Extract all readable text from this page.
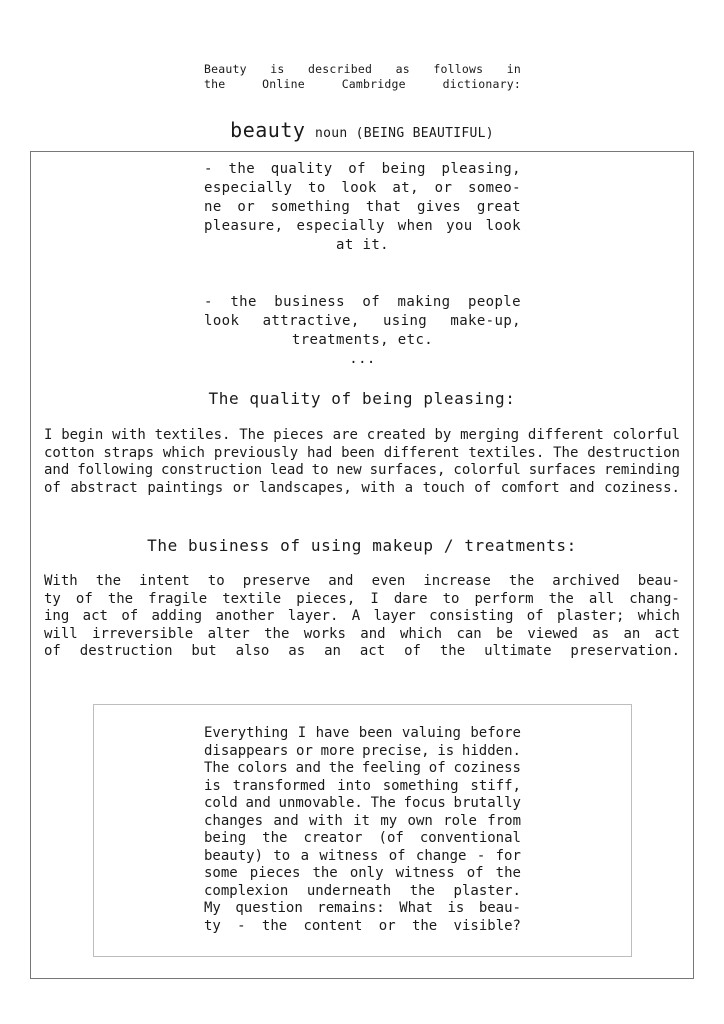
Beauty is described as follows in
the	Online	Cambridge	dictionary:
beauty noun (BEING BEAUTIFUL)
- the quality of being pleasing,
especially to look at, or someo-
ne or something that gives great
pleasure, especially when you look
at it.
- the business of making people
look attractive, using make-up,
treatments, etc.
...
The quality of being pleasing:
I begin with textiles. The pieces are created by merging different colorful
cotton straps which previously had been different textiles. The destruction
and following construction lead to new surfaces, colorful surfaces reminding
of abstract paintings or landscapes, with a touch of comfort and coziness.
The business of using makeup / treatments:
With the intent to preserve and even increase the archived beau-
ty of the fragile textile pieces, I dare to perform the all chang-
ing act of adding another layer. A layer consisting of plaster; which
will irreversible alter the works and which can be viewed as an act
of destruction but also as an act of the ultimate preservation.
Everything I have been valuing before
disappears or more precise, is hidden.
The colors and the feeling of coziness
is transformed into something stiff,
cold and unmovable. The focus brutally
changes and with it my own role from
being the creator (of conventional
beauty) to a witness of change - for
some pieces the only witness of the
complexion underneath the plaster.
My question remains: What is beau-
ty - the content or the visible?
